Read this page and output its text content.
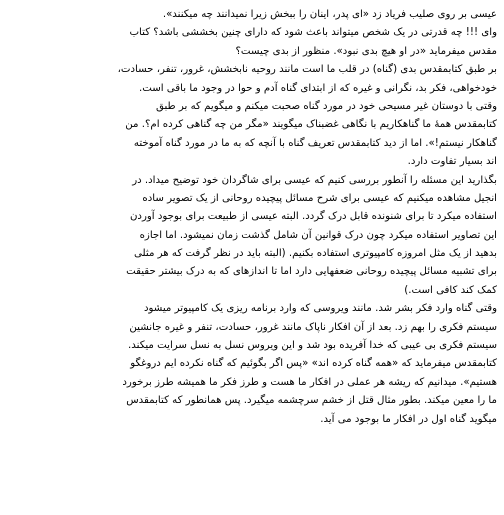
عیسی بر روی صلیب فریاد زد «ای پدر، اینان را ببخش زیرا نمیدانند چه میکنند».
وای !!! چه قدرتی در یک شخص میتواند باعث شود که دارای چنین بخششی باشد؟ کتاب
مقدس میفرماید «در او هیچ بدی نبود». منظور از بدی چیست؟

بر طبق کتابمقدس بدی (گناه) در قلب ما است مانند روحیه نابخشش، غرور، تنفر، حسادت،
خودخواهی، فکر بد، نگرانی و غیره که از ابتدای گناه آدم و حوا در وجود ما باقی است.
وقتی با دوستان غیر مسیحی خود در مورد گناه صحبت میکنم و میگویم که بر طبق
کتابمقدس همهٔ ما گناهکاریم با نگاهی غضبناک میگویند «مگر من چه گناهی کرده ام؟. من
گناهکار نیستم!». اما از دید کتابمقدس تعریف گناه با آنچه که به ما در مورد گناه آموخته
اند بسیار تفاوت دارد.

بگذارید این مسئله را آنطور بررسی کنیم که عیسی برای شاگردان خود توضیح میداد. در
انجیل مشاهده میکنیم که عیسی برای شرح مسائل پیچیده روحانی از یک تصویر ساده
استفاده میکرد تا برای شنونده قابل درک گردد. البته عیسی از طبیعت برای بوجود آوردن
این تصاویر استفاده میکرد چون درک قوانین آن شامل گذشت زمان نمیشود. اما اجازه
بدهید از یک مثل امروزه کامپیوتری استفاده بکنیم. (البته باید در نظر گرفت که هر مثلی
برای تشبیه مسائل پیچیده روحانی ضعفهایی دارد اما تا اندازهای که به درک بیشتر حقیقت
کمک کند کافی است.)

وقتی گناه وارد فکر بشر شد. مانند ویروسی که وارد برنامه ریزی یک کامپیوتر میشود
سیستم فکری را بهم زد. بعد از آن افکار ناپاک مانند غرور، حسادت، تنفر و غیره جانشین
سیستم فکری بی عیبی که خدا آفریده بود شد و این ویروس نسل به نسل سرایت میکند.
کتابمقدس میفرماید که «همه گناه کرده اند» «پس اگر بگوئیم که گناه نکرده ایم دروغگو
هستیم». میدانیم که ریشه هر عملی در افکار ما هست و طرز فکر ما همیشه طرز برخورد
ما را معین میکند. بطور مثال قتل از خشم سرچشمه میگیرد. پس همانطور که کتابمقدس
میگوید گناه اول در افکار ما بوجود می آید.
